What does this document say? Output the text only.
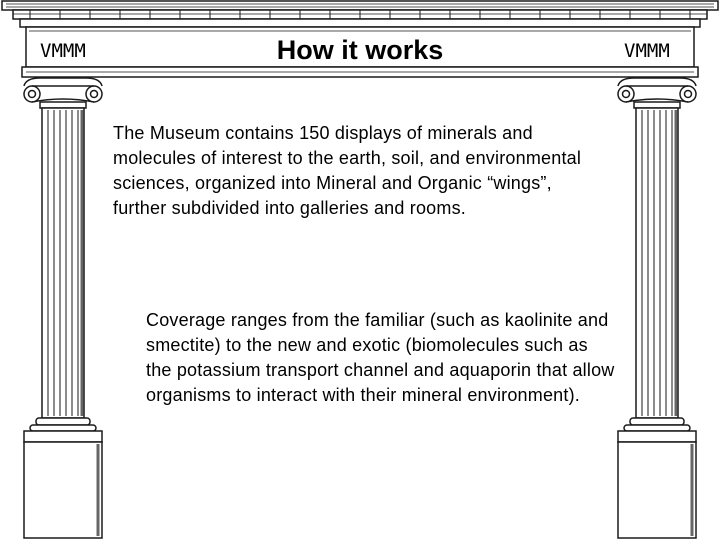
VMMM	VMMM
How it works
The Museum contains 150 displays of minerals and molecules of interest to the earth, soil, and environmental sciences, organized into Mineral and Organic “wings”, further subdivided into galleries and rooms.
Coverage ranges from the familiar (such as kaolinite and smectite) to the new and exotic (biomolecules such as the potassium transport channel and aquaporin that allow organisms to interact with their mineral environment).
